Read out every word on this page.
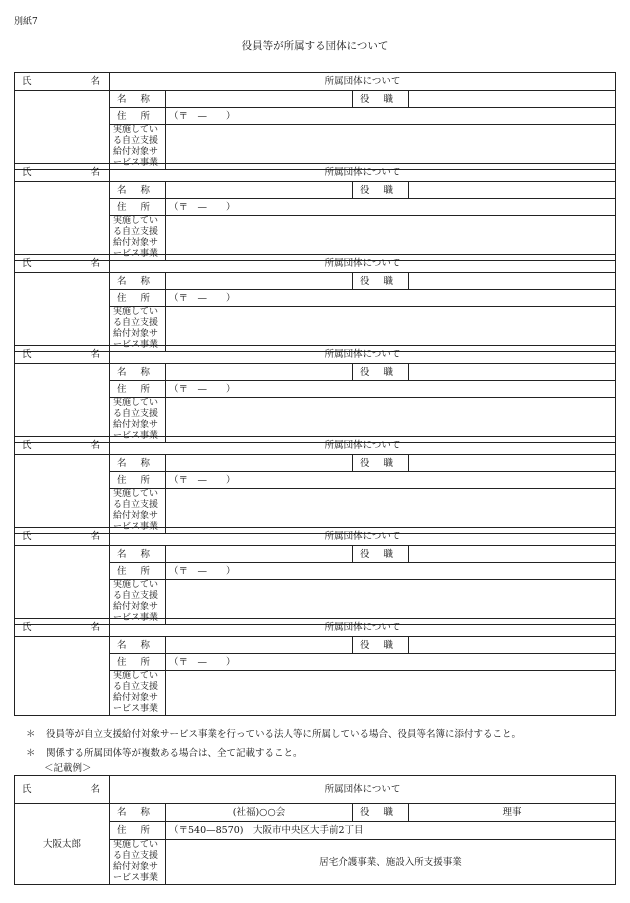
別紙7
役員等が所属する団体について
氏 名	所属団体について			

	名 称		役 職	

	住 所	（〒　—　　）		

	実施している自立支援
給付対象サービス事業			

氏 名	所属団体について			

	名 称		役 職	

	住 所	（〒　—　　）		

	実施している自立支援
給付対象サービス事業			

氏 名	所属団体について			

	名 称		役 職	

	住 所	（〒　—　　）		

	実施している自立支援
給付対象サービス事業			

氏 名	所属団体について			

	名 称		役 職	

	住 所	（〒　—　　）		

	実施している自立支援
給付対象サービス事業			

氏 名	所属団体について			

	名 称		役 職	

	住 所	（〒　—　　）		

	実施している自立支援
給付対象サービス事業			

氏 名	所属団体について			

	名 称		役 職	

	住 所	（〒　—　　）		

	実施している自立支援
給付対象サービス事業			

氏 名	所属団体について			

	名 称		役 職	

	住 所	（〒　—　　）		

	実施している自立支援
給付対象サービス事業			

氏 名	所属団体について			
大阪太郎	名 称	(社福)○○会	役 職	理事

	住 所	（〒540—8570)　大阪市中央区大手前2丁目		

	実施している自立支援
給付対象サービス事業	居宅介護事業、施設入所支援事業		
＊ 役員等が自立支援給付対象サービス事業を行っている法人等に所属している場合、役員等名簿に添付すること。
＊ 関係する所属団体等が複数ある場合は、全て記載すること。
＜記載例＞
